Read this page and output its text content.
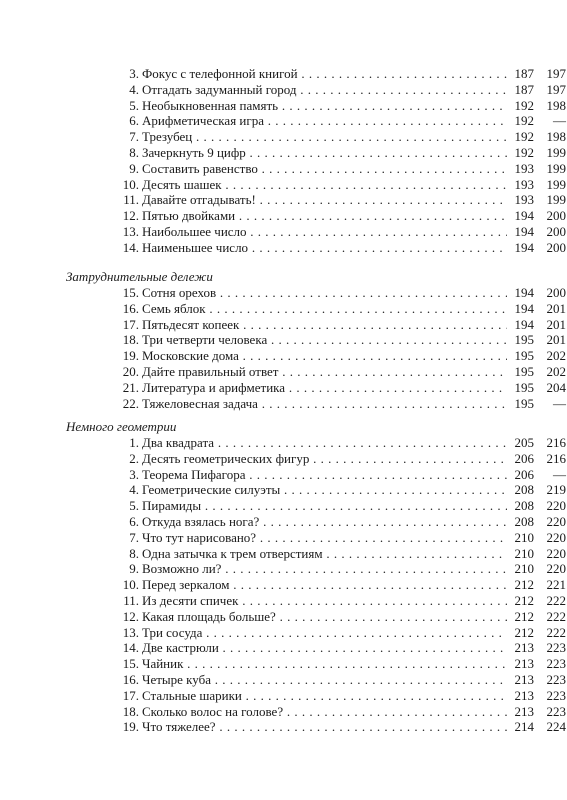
3. Фокус с телефонной книгой . . .	187 197
4. Отгадать задуманный город . . .	187 197
5. Необыкновенная память . . .	192 198
6. Арифметическая игра . . .	192	—
7. Трезубец . . .	192 198
8. Зачеркнуть 9 цифр . . .	192 199
9. Составить равенство . . .	193 199
10. Десять шашек . . .	193 199
11. Давайте отгадывать! . . .	193 199
12. Пятью двойками . . .	194 200
13. Наибольшее число . . .	194 200
14. Наименьшее число . . .	194 200
Затруднительные дележи
15. Сотня орехов . . .	194 200
16. Семь яблок . . .	194 201
17. Пятьдесят копеек . . .	194 201
18. Три четверти человека . . .	195 201
19. Московские дома . . .	195 202
20. Дайте правильный ответ . . .	195 202
21. Литература и арифметика . . .	195 204
22. Тяжеловесная задача . . .	195	—
Немного геометрии
1. Два квадрата . . .	205 216
2. Десять геометрических фигур . . .	206 216
3. Теорема Пифагора . . .	206	—
4. Геометрические силуэты . . .	208 219
5. Пирамиды . . .	208 220
6. Откуда взялась нога? . . .	208 220
7. Что тут нарисовано? . . .	210 220
8. Одна затычка к трем отверстиям . . .	210 220
9. Возможно ли? . . .	210 220
10. Перед зеркалом . . .	212 221
11. Из десяти спичек . . .	212 222
12. Какая площадь больше? . . .	212 222
13. Три сосуда . . .	212 222
14. Две кастрюли . . .	213 223
15. Чайник . . .	213 223
16. Четыре куба . . .	213 223
17. Стальные шарики . . .	213 223
18. Сколько волос на голове? . . .	213 223
19. Что тяжелее? . . .	214 224
